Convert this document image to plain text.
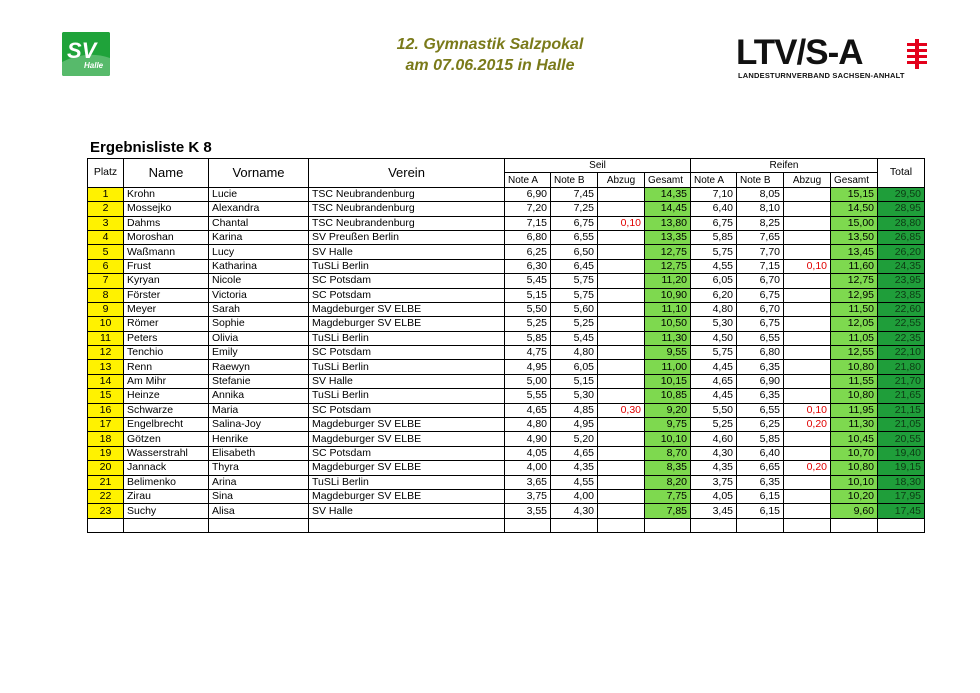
SV
Halle
12. Gymnastik Salzpokal
am 07.06.2015 in Halle	LTV/S-A
LANDESTURNVERBAND SACHSEN-ANHALT
Ergebnisliste K 8
Platz	Name	Vorname	Verein	Seil				Reifen				Total
				Note A	Note B	Abzug	Gesamt	Note A	Note B	Abzug	Gesamt	
1	Krohn	Lucie	TSC Neubrandenburg	6,90	7,45		14,35	7,10	8,05		15,15	29,50
2	Mossejko	Alexandra	TSC Neubrandenburg	7,20	7,25		14,45	6,40	8,10		14,50	28,95
3	Dahms	Chantal	TSC Neubrandenburg	7,15	6,75	0,10	13,80	6,75	8,25		15,00	28,80
4	Moroshan	Karina	SV Preußen Berlin	6,80	6,55		13,35	5,85	7,65		13,50	26,85
5	Waßmann	Lucy	SV Halle	6,25	6,50		12,75	5,75	7,70		13,45	26,20
6	Frust	Katharina	TuSLi Berlin	6,30	6,45		12,75	4,55	7,15	0,10	11,60	24,35
7	Kyryan	Nicole	SC Potsdam	5,45	5,75		11,20	6,05	6,70		12,75	23,95
8	Förster	Victoria	SC Potsdam	5,15	5,75		10,90	6,20	6,75		12,95	23,85
9	Meyer	Sarah	Magdeburger SV ELBE	5,50	5,60		11,10	4,80	6,70		11,50	22,60
10	Römer	Sophie	Magdeburger SV ELBE	5,25	5,25		10,50	5,30	6,75		12,05	22,55
11	Peters	Olivia	TuSLi Berlin	5,85	5,45		11,30	4,50	6,55		11,05	22,35
12	Tenchio	Emily	SC Potsdam	4,75	4,80		9,55	5,75	6,80		12,55	22,10
13	Renn	Raewyn	TuSLi Berlin	4,95	6,05		11,00	4,45	6,35		10,80	21,80
14	Am Mihr	Stefanie	SV Halle	5,00	5,15		10,15	4,65	6,90		11,55	21,70
15	Heinze	Annika	TuSLi Berlin	5,55	5,30		10,85	4,45	6,35		10,80	21,65
16	Schwarze	Maria	SC Potsdam	4,65	4,85	0,30	9,20	5,50	6,55	0,10	11,95	21,15
17	Engelbrecht	Salina-Joy	Magdeburger SV ELBE	4,80	4,95		9,75	5,25	6,25	0,20	11,30	21,05
18	Götzen	Henrike	Magdeburger SV ELBE	4,90	5,20		10,10	4,60	5,85		10,45	20,55
19	Wasserstrahl	Elisabeth	SC Potsdam	4,05	4,65		8,70	4,30	6,40		10,70	19,40
20	Jannack	Thyra	Magdeburger SV ELBE	4,00	4,35		8,35	4,35	6,65	0,20	10,80	19,15
21	Belimenko	Arina	TuSLi Berlin	3,65	4,55		8,20	3,75	6,35		10,10	18,30
22	Zirau	Sina	Magdeburger SV ELBE	3,75	4,00		7,75	4,05	6,15		10,20	17,95
23	Suchy	Alisa	SV Halle	3,55	4,30		7,85	3,45	6,15		9,60	17,45
